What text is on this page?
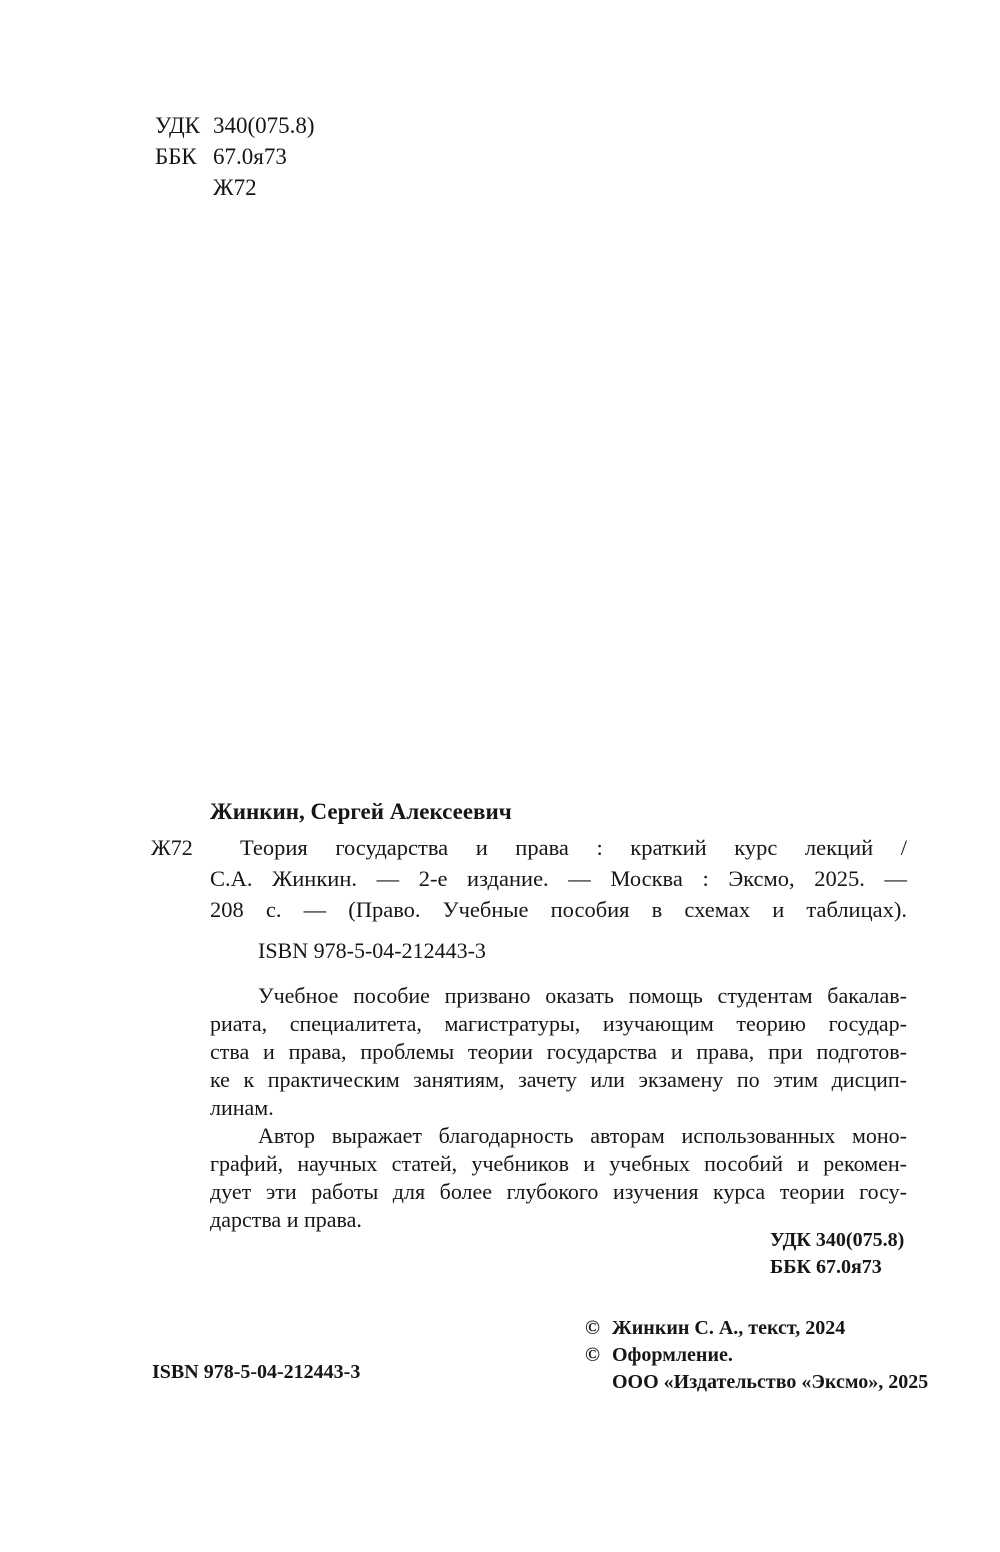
УДК 340(075.8)
ББК 67.0я73
Ж72
Жинкин, Сергей Алексеевич
Ж72	Теория государства и права : краткий курс лекций /
С.А. Жинкин. — 2-е издание. — Москва : Эксмо, 2025. —
208 с. — (Право. Учебные пособия в схемах и таблицах).
ISBN 978-5-04-212443-3
Учебное пособие призвано оказать помощь студентам бакалав-
риата, специалитета, магистратуры, изучающим теорию государ-
ства и права, проблемы теории государства и права, при подготов-
ке к практическим занятиям, зачету или экзамену по этим дисцип-
линам.
Автор выражает благодарность авторам использованных моно-
графий, научных статей, учебников и учебных пособий и рекомен-
дует эти работы для более глубокого изучения курса теории госу-
дарства и права.
УДК 340(075.8)
ББК 67.0я73
© Жинкин С. А., текст, 2024
© Оформление.
ООО «Издательство «Эксмо», 2025
ISBN 978-5-04-212443-3
